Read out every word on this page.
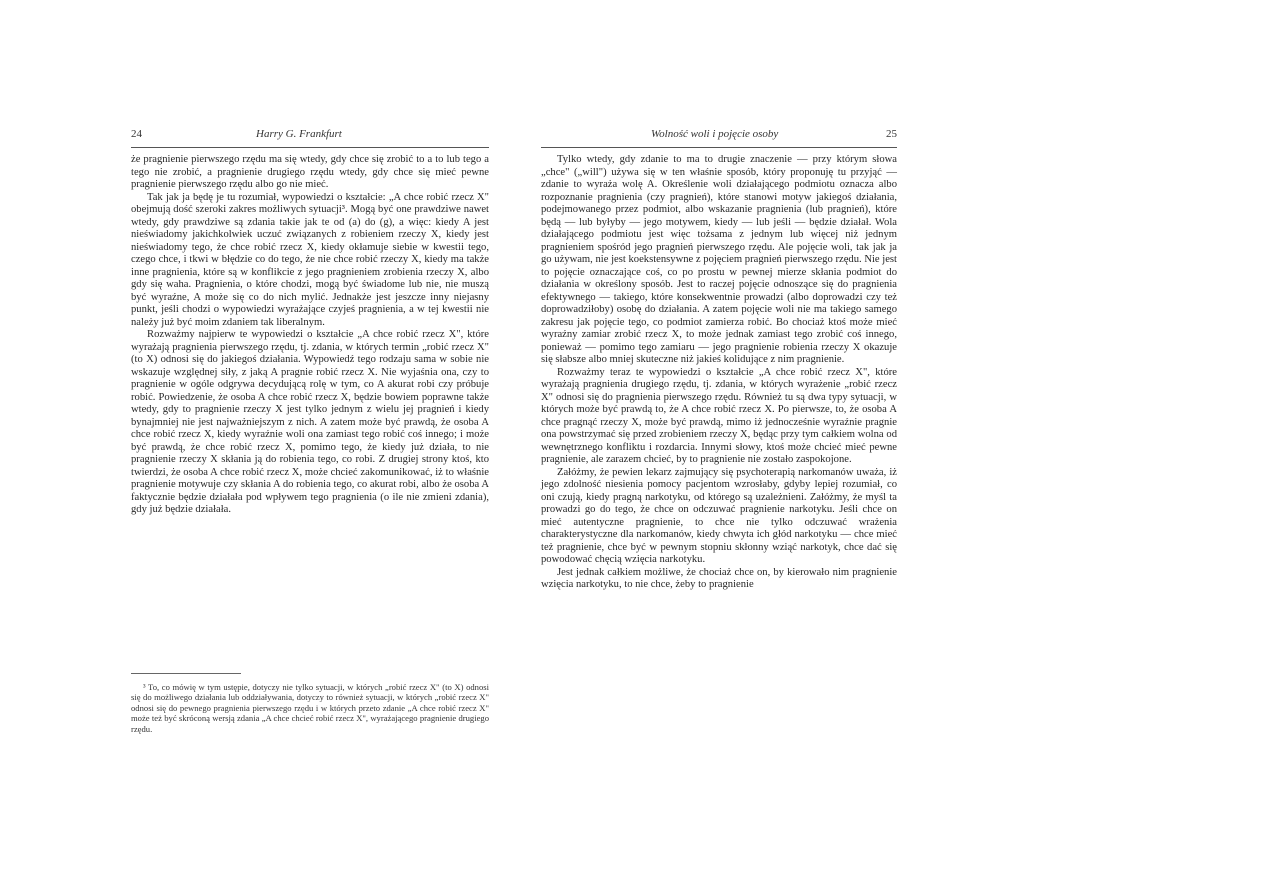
24	Harry G. Frankfurt

że pragnienie pierwszego rzędu ma się wtedy, gdy chce się zrobić to a to lub tego a tego nie zrobić, a pragnienie drugiego rzędu wtedy, gdy chce się mieć pewne pragnienie pierwszego rzędu albo go nie mieć.

Tak jak ja będę je tu rozumiał, wypowiedzi o kształcie: „A chce robić rzecz X" obejmują dość szeroki zakres możliwych sytuacji³. Mogą być one prawdziwe nawet wtedy, gdy prawdziwe są zdania takie jak te od (a) do (g), a więc: kiedy A jest nieświadomy jakichkolwiek uczuć związanych z robieniem rzeczy X, kiedy jest nieświadomy tego, że chce robić rzecz X, kiedy okłamuje siebie w kwestii tego, czego chce, i tkwi w błędzie co do tego, że nie chce robić rzeczy X, kiedy ma także inne pragnienia, które są w konflikcie z jego pragnieniem zrobienia rzeczy X, albo gdy się waha. Pragnienia, o które chodzi, mogą być świadome lub nie, nie muszą być wyraźne, A może się co do nich mylić. Jednakże jest jeszcze inny niejasny punkt, jeśli chodzi o wypowiedzi wyrażające czyjeś pragnienia, a w tej kwestii nie należy już być moim zdaniem tak liberalnym.

Rozważmy najpierw te wypowiedzi o kształcie „A chce robić rzecz X", które wyrażają pragnienia pierwszego rzędu, tj. zdania, w których termin „robić rzecz X" (to X) odnosi się do jakiegoś działania. Wypowiedź tego rodzaju sama w sobie nie wskazuje względnej siły, z jaką A pragnie robić rzecz X. Nie wyjaśnia ona, czy to pragnienie w ogóle odgrywa decydującą rolę w tym, co A akurat robi czy próbuje robić. Powiedzenie, że osoba A chce robić rzecz X, będzie bowiem poprawne także wtedy, gdy to pragnienie rzeczy X jest tylko jednym z wielu jej pragnień i kiedy bynajmniej nie jest najważniejszym z nich. A zatem może być prawdą, że osoba A chce robić rzecz X, kiedy wyraźnie woli ona zamiast tego robić coś innego; i może być prawdą, że chce robić rzecz X, pomimo tego, że kiedy już działa, to nie pragnienie rzeczy X skłania ją do robienia tego, co robi. Z drugiej strony ktoś, kto twierdzi, że osoba A chce robić rzecz X, może chcieć zakomunikować, iż to właśnie pragnienie motywuje czy skłania A do robienia tego, co akurat robi, albo że osoba A faktycznie będzie działała pod wpływem tego pragnienia (o ile nie zmieni zdania), gdy już będzie działała.

³ To, co mówię w tym ustępie, dotyczy nie tylko sytuacji, w których „robić rzecz X" (to X) odnosi się do możliwego działania lub oddziaływania, dotyczy to również sytuacji, w których „robić rzecz X" odnosi się do pewnego pragnienia pierwszego rzędu i w których przeto zdanie „A chce robić rzecz X" może też być skróconą wersją zdania „A chce chcieć robić rzecz X", wyrażającego pragnienie drugiego rzędu.
Wolność woli i pojęcie osoby	25

Tylko wtedy, gdy zdanie to ma to drugie znaczenie — przy którym słowa „chce" („will") używa się w ten właśnie sposób, który proponuję tu przyjąć — zdanie to wyraża wolę A. Określenie woli działającego podmiotu oznacza albo rozpoznanie pragnienia (czy pragnień), które stanowi motyw jakiegoś działania, podejmowanego przez podmiot, albo wskazanie pragnienia (lub pragnień), które będą — lub byłyby — jego motywem, kiedy — lub jeśli — będzie działał. Wola działającego podmiotu jest więc tożsama z jednym lub więcej niż jednym pragnieniem spośród jego pragnień pierwszego rzędu. Ale pojęcie woli, tak jak ja go używam, nie jest koekstensywne z pojęciem pragnień pierwszego rzędu. Nie jest to pojęcie oznaczające coś, co po prostu w pewnej mierze skłania podmiot do działania w określony sposób. Jest to raczej pojęcie odnoszące się do pragnienia efektywnego — takiego, które konsekwentnie prowadzi (albo doprowadzi czy też doprowadziłoby) osobę do działania. A zatem pojęcie woli nie ma takiego samego zakresu jak pojęcie tego, co podmiot zamierza robić. Bo chociaż ktoś może mieć wyraźny zamiar zrobić rzecz X, to może jednak zamiast tego zrobić coś innego, ponieważ — pomimo tego zamiaru — jego pragnienie robienia rzeczy X okazuje się słabsze albo mniej skuteczne niż jakieś kolidujące z nim pragnienie.

Rozważmy teraz te wypowiedzi o kształcie „A chce robić rzecz X", które wyrażają pragnienia drugiego rzędu, tj. zdania, w których wyrażenie „robić rzecz X" odnosi się do pragnienia pierwszego rzędu. Również tu są dwa typy sytuacji, w których może być prawdą to, że A chce robić rzecz X. Po pierwsze, to, że osoba A chce pragnąć rzeczy X, może być prawdą, mimo iż jednocześnie wyraźnie pragnie ona powstrzymać się przed zrobieniem rzeczy X, będąc przy tym całkiem wolna od wewnętrznego konfliktu i rozdarcia. Innymi słowy, ktoś może chcieć mieć pewne pragnienie, ale zarazem chcieć, by to pragnienie nie zostało zaspokojone.

Załóżmy, że pewien lekarz zajmujący się psychoterapią narkomanów uważa, iż jego zdolność niesienia pomocy pacjentom wzrosłaby, gdyby lepiej rozumiał, co oni czują, kiedy pragną narkotyku, od którego są uzależnieni. Załóżmy, że myśl ta prowadzi go do tego, że chce on odczuwać pragnienie narkotyku. Jeśli chce on mieć autentyczne pragnienie, to chce nie tylko odczuwać wrażenia charakterystyczne dla narkomanów, kiedy chwyta ich głód narkotyku — chce mieć też pragnienie, chce być w pewnym stopniu skłonny wziąć narkotyk, chce dać się powodować chęcią wzięcia narkotyku.

Jest jednak całkiem możliwe, że chociaż chce on, by kierowało nim pragnienie wzięcia narkotyku, to nie chce, żeby to pragnienie
